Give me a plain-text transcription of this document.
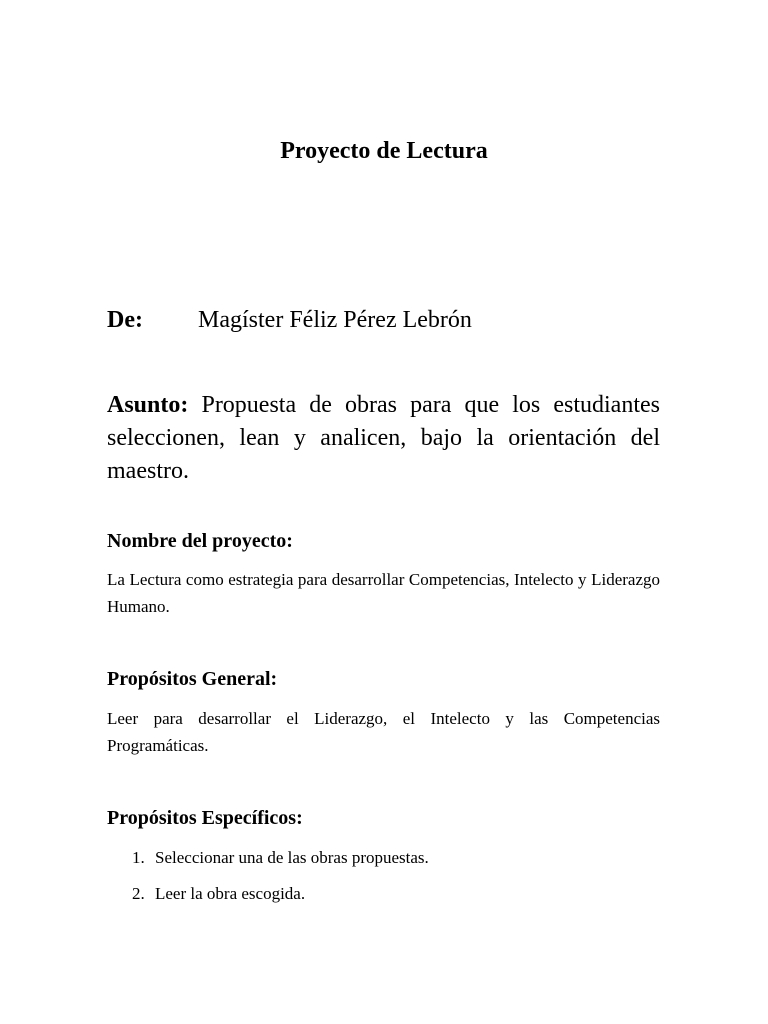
Proyecto de Lectura
De: Magíster Féliz Pérez Lebrón

Asunto: Propuesta de obras para que los estudiantes seleccionen, lean y analicen, bajo la orientación del maestro.

Nombre del proyecto:

La Lectura como estrategia para desarrollar Competencias, Intelecto y Liderazgo Humano.

Propósitos General:

Leer para desarrollar el Liderazgo, el Intelecto y las Competencias Programáticas.

Propósitos Específicos:
1. Seleccionar una de las obras propuestas.
2. Leer la obra escogida.
